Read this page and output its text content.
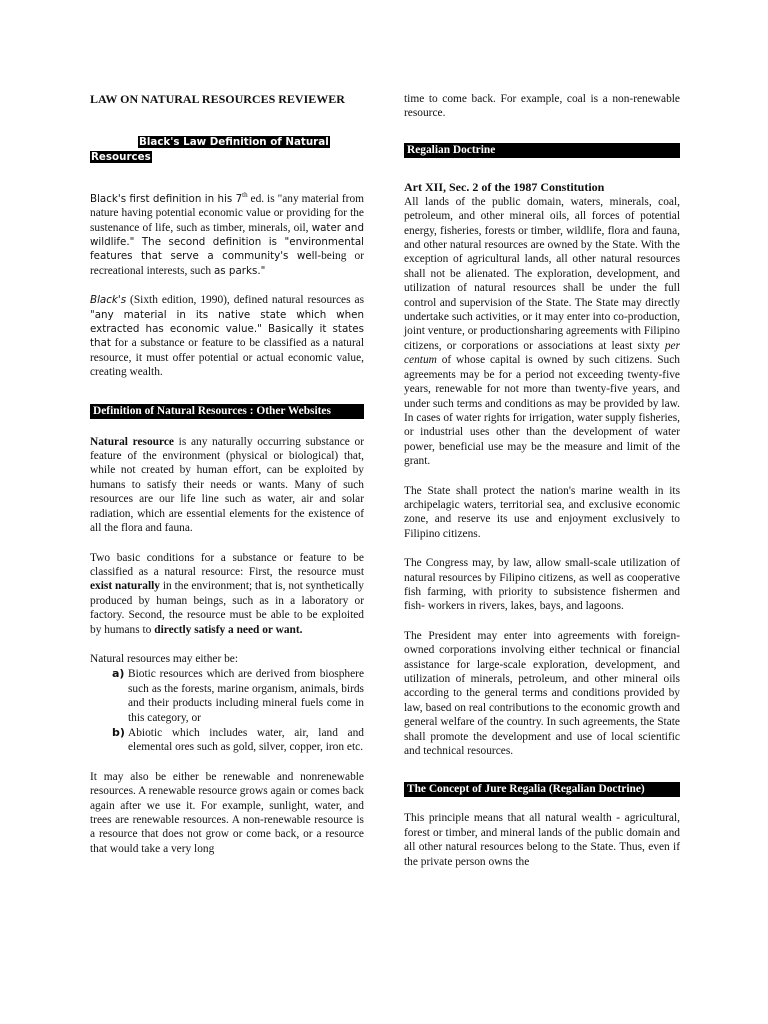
LAW ON NATURAL RESOURCES REVIEWER
Black's Law Definition of Natural
Resources

Black's first definition in his 7th ed. is "any material from nature having potential economic value or providing for the sustenance of life, such as timber, minerals, oil, water and wildlife." The second definition is "environmental features that serve a community's well-being or recreational interests, such as parks."

Black's (Sixth edition, 1990), defined natural resources as "any material in its native state which when extracted has economic value." Basically it states that for a substance or feature to be classified as a natural resource, it must offer potential or actual economic value, creating wealth.

Definition of Natural Resources : Other Websites

Natural resource is any naturally occurring substance or feature of the environment (physical or biological) that, while not created by human effort, can be exploited by humans to satisfy their needs or wants. Many of such resources are our life line such as water, air and solar radiation, which are essential elements for the existence of all the flora and fauna.

Two basic conditions for a substance or feature to be classified as a natural resource: First, the resource must exist naturally in the environment; that is, not synthetically produced by human beings, such as in a laboratory or factory. Second, the resource must be able to be exploited by humans to directly satisfy a need or want.

Natural resources may either be:

a) Biotic resources which are derived from biosphere such as the forests, marine organism, animals, birds and their products including mineral fuels come in this category, or
b) Abiotic which includes water, air, land and elemental ores such as gold, silver, copper, iron etc.

It may also be either be renewable and nonrenewable resources. A renewable resource grows again or comes back again after we use it. For example, sunlight, water, and trees are renewable resources. A non-renewable resource is a resource that does not grow or come back, or a resource that would take a very long

time to come back. For example, coal is a non-renewable resource.

Regalian Doctrine
Art XII, Sec. 2 of the 1987 Constitution

All lands of the public domain, waters, minerals, coal, petroleum, and other mineral oils, all forces of potential energy, fisheries, forests or timber, wildlife, flora and fauna, and other natural resources are owned by the State. With the exception of agricultural lands, all other natural resources shall not be alienated. The exploration, development, and utilization of natural resources shall be under the full control and supervision of the State. The State may directly undertake such activities, or it may enter into co-production, joint venture, or productionsharing agreements with Filipino citizens, or corporations or associations at least sixty per centum of whose capital is owned by such citizens. Such agreements may be for a period not exceeding twenty-five years, renewable for not more than twenty-five years, and under such terms and conditions as may be provided by law. In cases of water rights for irrigation, water supply fisheries, or industrial uses other than the development of water power, beneficial use may be the measure and limit of the grant.

The State shall protect the nation's marine wealth in its archipelagic waters, territorial sea, and exclusive economic zone, and reserve its use and enjoyment exclusively to Filipino citizens.

The Congress may, by law, allow small-scale utilization of natural resources by Filipino citizens, as well as cooperative fish farming, with priority to subsistence fishermen and fish- workers in rivers, lakes, bays, and lagoons.

The President may enter into agreements with foreign-owned corporations involving either technical or financial assistance for large-scale exploration, development, and utilization of minerals, petroleum, and other mineral oils according to the general terms and conditions provided by law, based on real contributions to the economic growth and general welfare of the country. In such agreements, the State shall promote the development and use of local scientific and technical resources.

The Concept of Jure Regalia (Regalian Doctrine)

This principle means that all natural wealth - agricultural, forest or timber, and mineral lands of the public domain and all other natural resources belong to the State. Thus, even if the private person owns the
